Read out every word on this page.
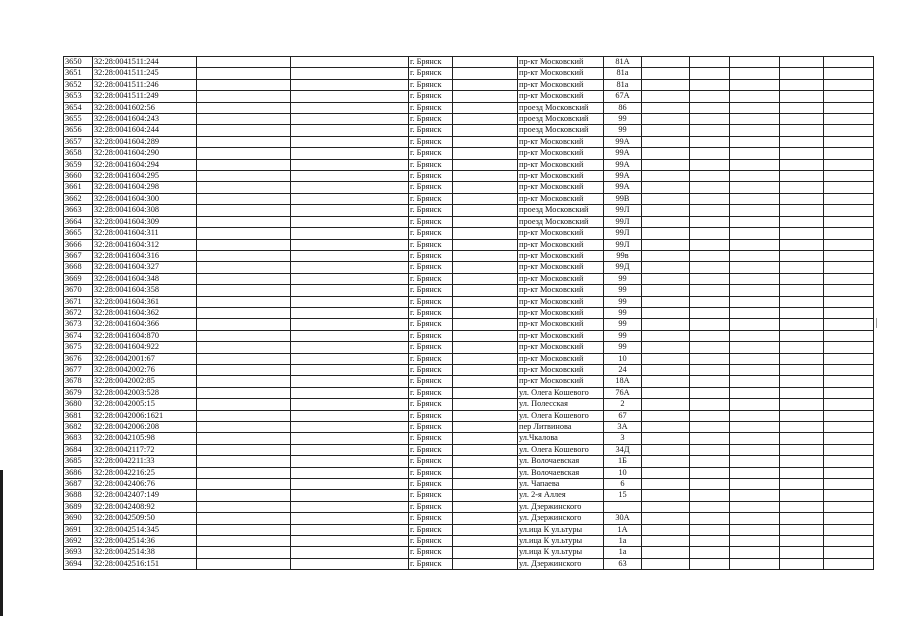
3650	32:28:0041511:244			г. Брянск		пр-кт Московский	81А					
3651	32:28:0041511:245			г. Брянск		пр-кт Московский	81а					
3652	32:28:0041511:246			г. Брянск		пр-кт Московский	81а					
3653	32:28:0041511:249			г. Брянск		пр-кт Московский	67А					
3654	32:28:0041602:56			г. Брянск		проезд Московский	86					
3655	32:28:0041604:243			г. Брянск		проезд Московский	99					
3656	32:28:0041604:244			г. Брянск		проезд Московский	99					
3657	32:28:0041604:289			г. Брянск		пр-кт Московский	99А					
3658	32:28:0041604:290			г. Брянск		пр-кт Московский	99А					
3659	32:28:0041604:294			г. Брянск		пр-кт Московский	99А					
3660	32:28:0041604:295			г. Брянск		пр-кт Московский	99А					
3661	32:28:0041604:298			г. Брянск		пр-кт Московский	99А					
3662	32:28:0041604:300			г. Брянск		пр-кт Московский	99В					
3663	32:28:0041604:308			г. Брянск		проезд Московский	99Л					
3664	32:28:0041604:309			г. Брянск		проезд Московский	99Л					
3665	32:28:0041604:311			г. Брянск		пр-кт Московский	99Л					
3666	32:28:0041604:312			г. Брянск		пр-кт Московский	99Л					
3667	32:28:0041604:316			г. Брянск		пр-кт Московский	99в					
3668	32:28:0041604:327			г. Брянск		пр-кт Московский	99Д					
3669	32:28:0041604:348			г. Брянск		пр-кт Московский	99					
3670	32:28:0041604:358			г. Брянск		пр-кт Московский	99					
3671	32:28:0041604:361			г. Брянск		пр-кт Московский	99					
3672	32:28:0041604:362			г. Брянск		пр-кт Московский	99					
3673	32:28:0041604:366			г. Брянск		пр-кт Московский	99					
3674	32:28:0041604:870			г. Брянск		пр-кт Московский	99					
3675	32:28:0041604:922			г. Брянск		пр-кт Московский	99					
3676	32:28:0042001:67			г. Брянск		пр-кт Московский	10					
3677	32:28:0042002:76			г. Брянск		пр-кт Московский	24					
3678	32:28:0042002:85			г. Брянск		пр-кт Московский	18А					
3679	32:28:0042003:528			г. Брянск		ул. Олега Кошевого	76А					
3680	32:28:0042005:15			г. Брянск		ул. Полесская	2					
3681	32:28:0042006:1621			г. Брянск		ул. Олега Кошевого	67					
3682	32:28:0042006:208			г. Брянск		пер Литвинова	3А					
3683	32:28:0042105:98			г. Брянск		ул.Чкалова	3					
3684	32:28:0042117:72			г. Брянск		ул. Олега Кошевого	34Д					
3685	32:28:0042211:33			г. Брянск		ул. Волочаевская	1Б					
3686	32:28:0042216:25			г. Брянск		ул. Волочаевская	10					
3687	32:28:0042406:76			г. Брянск		ул. Чапаева	6					
3688	32:28:0042407:149			г. Брянск		ул. 2-я Аллея	15					
3689	32:28:0042408:92			г. Брянск		ул. Дзержинского						
3690	32:28:0042509:50			г. Брянск		ул. Дзержинского	30А					
3691	32:28:0042514:345			г. Брянск		ул.ица К ул.ьтуры	1А					
3692	32:28:0042514:36			г. Брянск		ул.ица К ул.ьтуры	1а					
3693	32:28:0042514:38			г. Брянск		ул.ица К ул.ьтуры	1а					
3694	32:28:0042516:151			г. Брянск		ул. Дзержинского	63					
